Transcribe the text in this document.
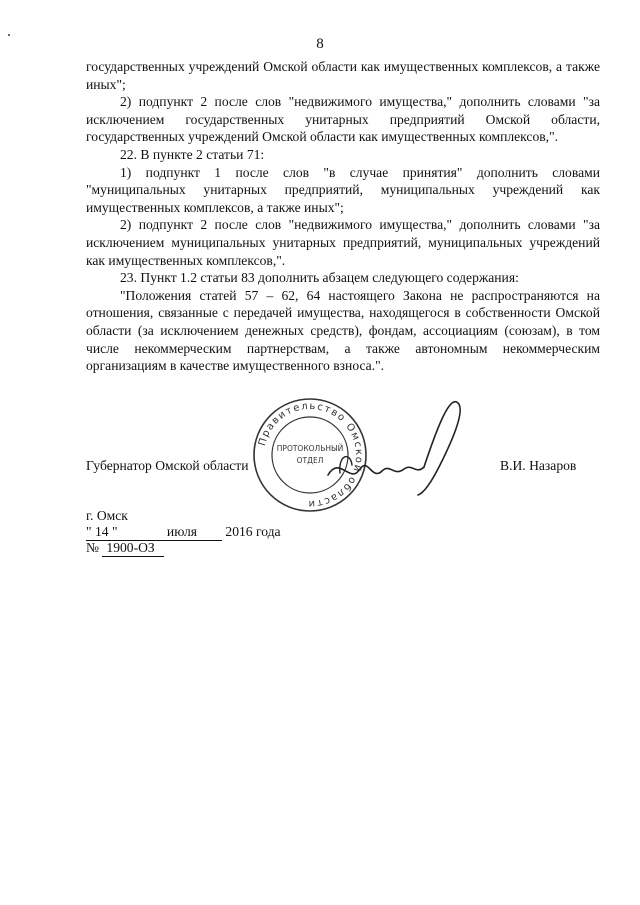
8

государственных учреждений Омской области как имущественных комплексов, а также иных";

2) подпункт 2 после слов "недвижимого имущества," дополнить словами "за исключением государственных унитарных предприятий Омской области, государственных учреждений Омской области как имущественных комплексов,".

22. В пункте 2 статьи 71:

1) подпункт 1 после слов "в случае принятия" дополнить словами "муниципальных унитарных предприятий, муниципальных учреждений как имущественных комплексов, а также иных";

2) подпункт 2 после слов "недвижимого имущества," дополнить словами "за исключением муниципальных унитарных предприятий, муниципальных учреждений как имущественных комплексов,".

23. Пункт 1.2 статьи 83 дополнить абзацем следующего содержания:

"Положения статей 57 – 62, 64 настоящего Закона не распространяются на отношения, связанные с передачей имущества, находящегося в собственности Омской области (за исключением денежных средств), фондам, ассоциациям (союзам), в том числе некоммерческим партнерствам, а также автономным некоммерческим организациям в качестве имущественного взноса.".

Губернатор Омской области
Правительство Омской области
ПРОТОКОЛЬНЫЙ
ОТДЕЛ	В.И. Назаров
г. Омск
" 14 "	июля 2016 года
№ 1900-ОЗ
